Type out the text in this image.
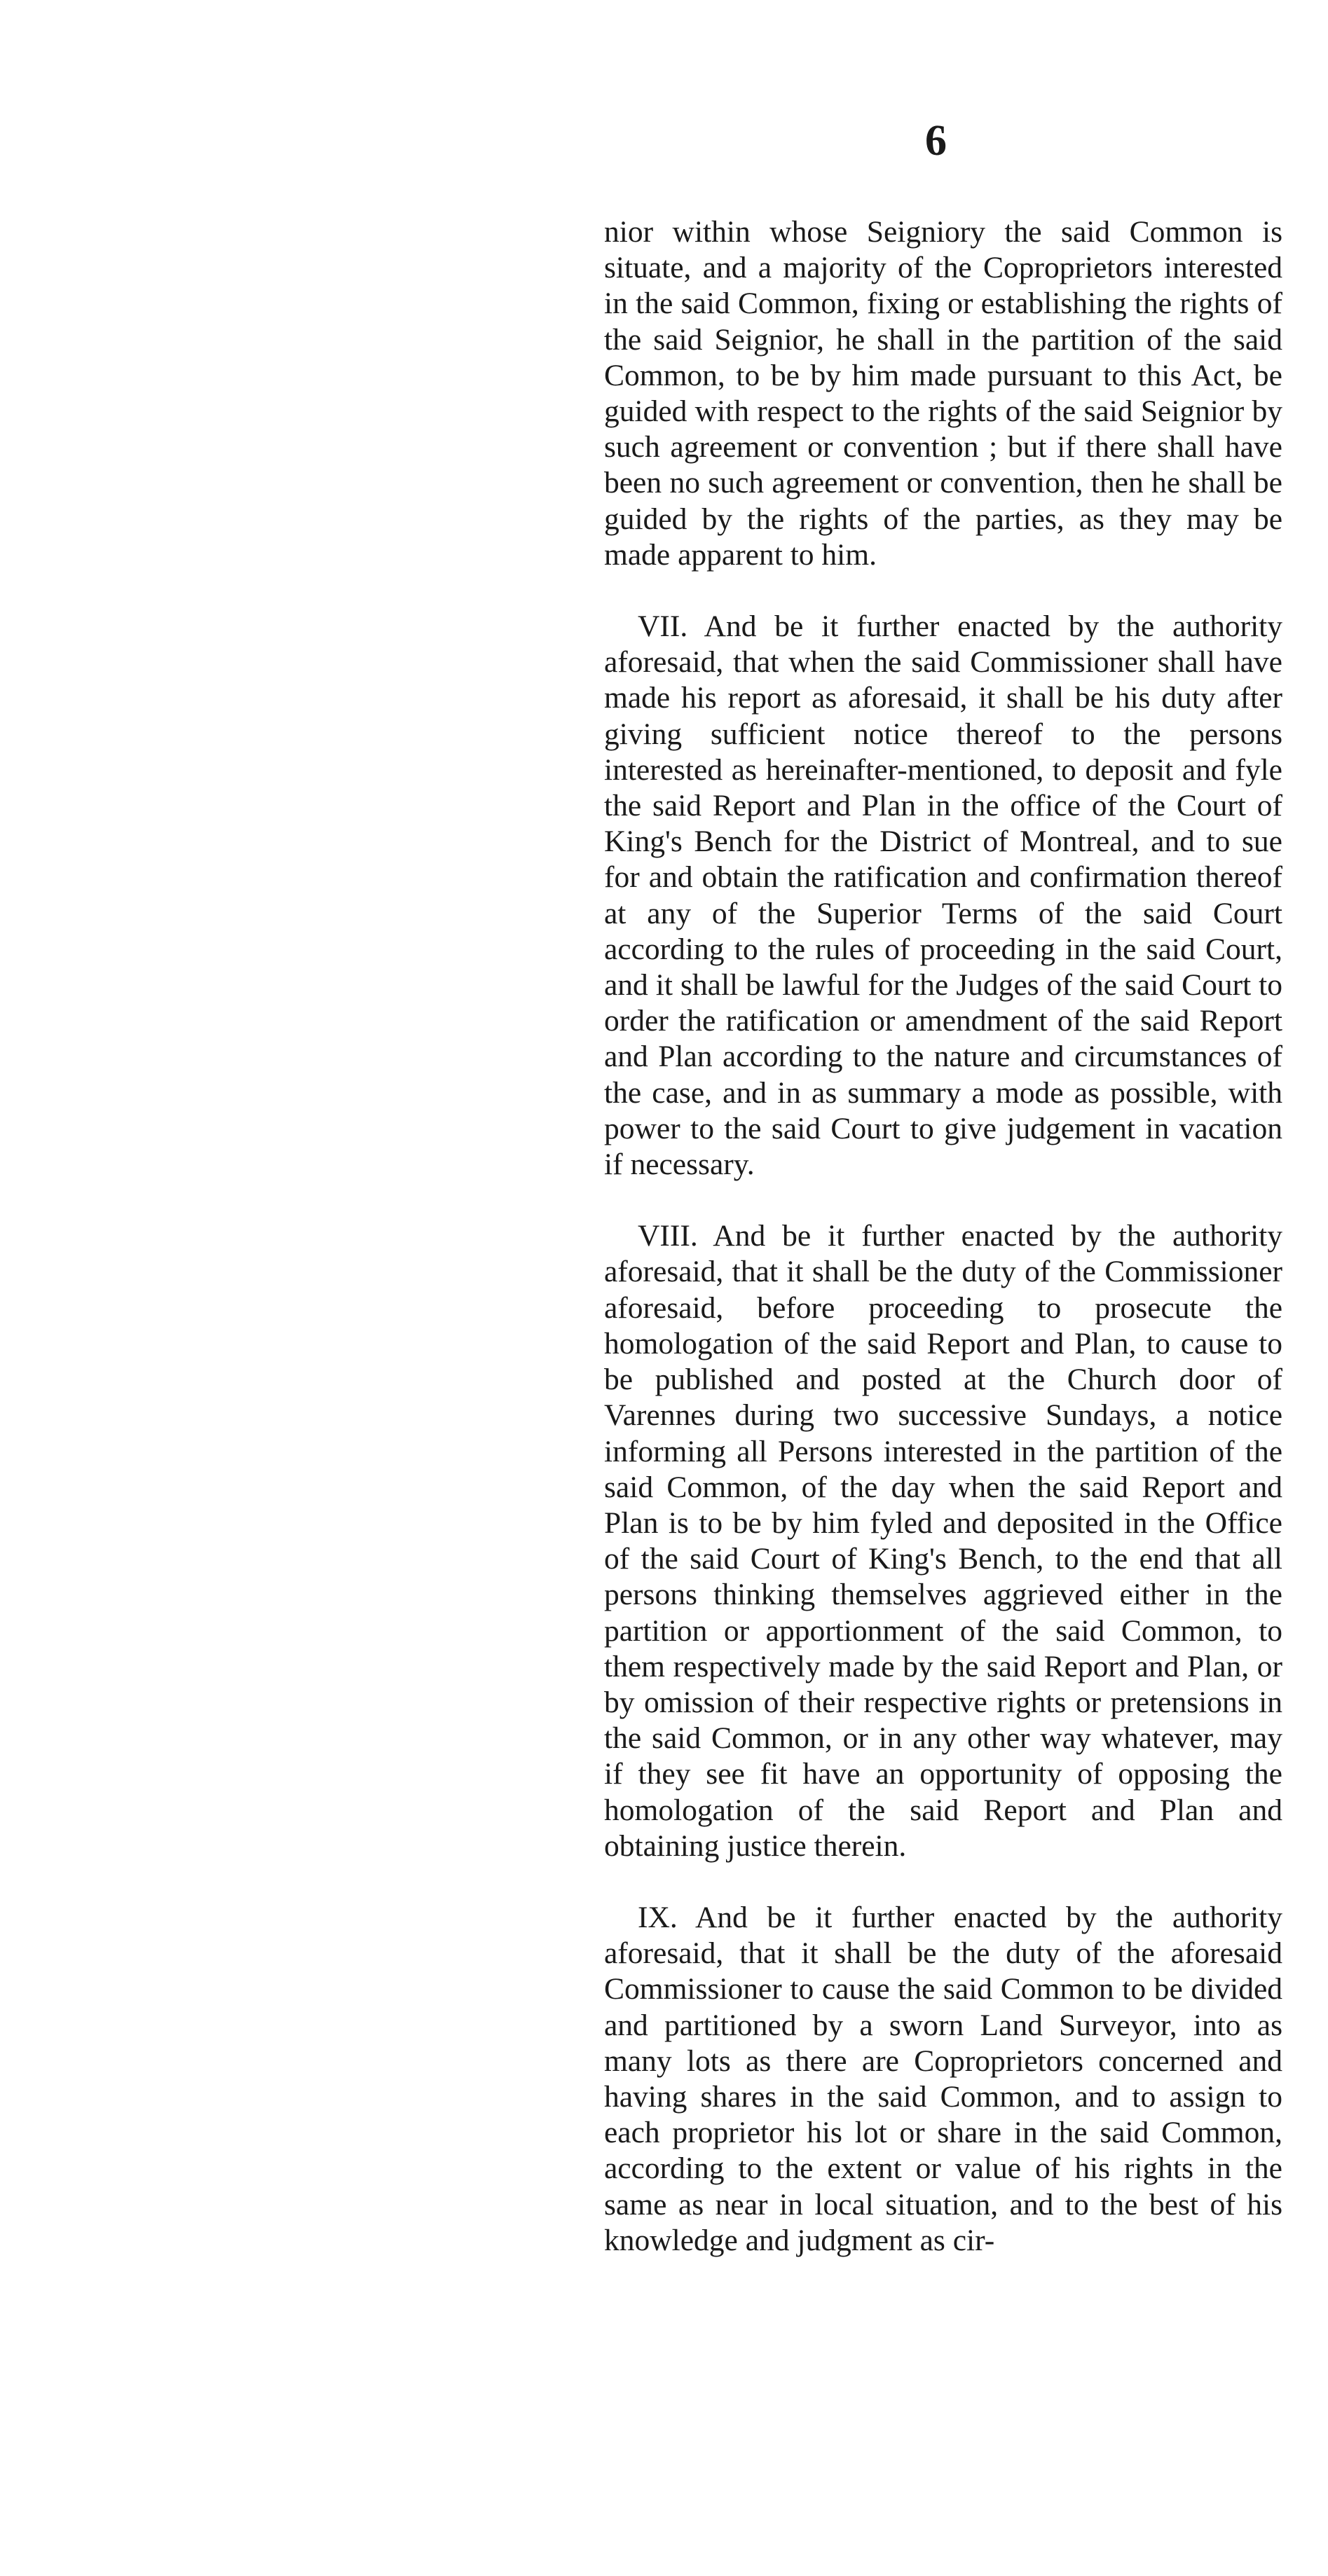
6

nior within whose Seigniory the said Common is situate, and a majority of the Coproprietors interested in the said Common, fixing or establishing the rights of the said Seignior, he shall in the partition of the said Common, to be by him made pursuant to this Act, be guided with respect to the rights of the said Seignior by such agreement or convention ; but if there shall have been no such agreement or convention, then he shall be guided by the rights of the parties, as they may be made apparent to him.

VII. And be it further enacted by the authority aforesaid, that when the said Commissioner shall have made his report as aforesaid, it shall be his duty after giving sufficient notice thereof to the persons interested as hereinafter-mentioned, to deposit and fyle the said Report and Plan in the office of the Court of King's Bench for the District of Montreal, and to sue for and obtain the ratification and confirmation thereof at any of the Superior Terms of the said Court according to the rules of proceeding in the said Court, and it shall be lawful for the Judges of the said Court to order the ratification or amendment of the said Report and Plan according to the nature and circumstances of the case, and in as summary a mode as possible, with power to the said Court to give judgement in vacation if necessary.

VIII. And be it further enacted by the authority aforesaid, that it shall be the duty of the Commissioner aforesaid, before proceeding to prosecute the homologation of the said Report and Plan, to cause to be published and posted at the Church door of Varennes during two successive Sundays, a notice informing all Persons interested in the partition of the said Common, of the day when the said Report and Plan is to be by him fyled and deposited in the Office of the said Court of King's Bench, to the end that all persons thinking themselves aggrieved either in the partition or apportionment of the said Common, to them respectively made by the said Report and Plan, or by omission of their respective rights or pretensions in the said Common, or in any other way whatever, may if they see fit have an opportunity of opposing the homologation of the said Report and Plan and obtaining justice therein.

IX. And be it further enacted by the authority aforesaid, that it shall be the duty of the aforesaid Commissioner to cause the said Common to be divided and partitioned by a sworn Land Surveyor, into as many lots as there are Coproprietors concerned and having shares in the said Common, and to assign to each proprietor his lot or share in the said Common, according to the extent or value of his rights in the same as near in local situation, and to the best of his knowledge and judgment as cir-
